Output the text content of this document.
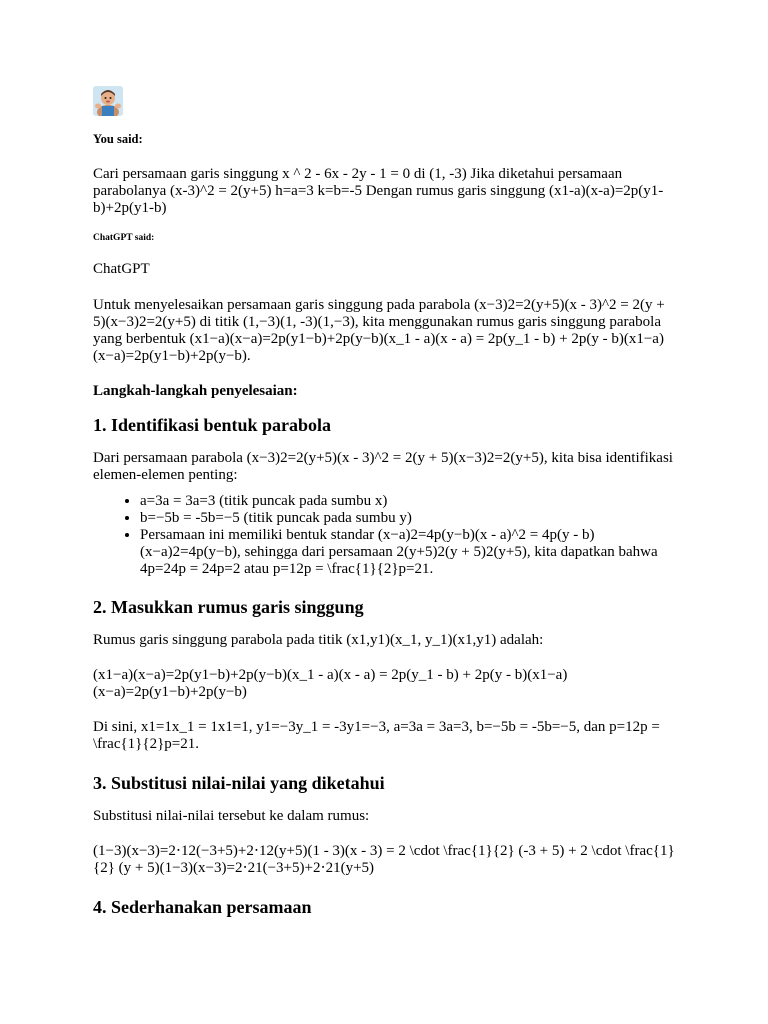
You said:

Cari persamaan garis singgung x ^ 2 - 6x - 2y - 1 = 0 di (1, -3) Jika diketahui persamaan parabolanya (x-3)^2 = 2(y+5) h=a=3 k=b=-5 Dengan rumus garis singgung (x1-a)(x-a)=2p(y1-b)+2p(y1-b)

ChatGPT said:

ChatGPT

Untuk menyelesaikan persamaan garis singgung pada parabola (x−3)2=2(y+5)(x - 3)^2 = 2(y + 5)(x−3)2=2(y+5) di titik (1,−3)(1, -3)(1,−3), kita menggunakan rumus garis singgung parabola yang berbentuk (x1−a)(x−a)=2p(y1−b)+2p(y−b)(x_1 - a)(x - a) = 2p(y_1 - b) + 2p(y - b)(x1−a)(x−a)=2p(y1−b)+2p(y−b).

Langkah-langkah penyelesaian:

1. Identifikasi bentuk parabola

Dari persamaan parabola (x−3)2=2(y+5)(x - 3)^2 = 2(y + 5)(x−3)2=2(y+5), kita bisa identifikasi elemen-elemen penting:

• a=3a = 3a=3 (titik puncak pada sumbu x)
• b=−5b = -5b=−5 (titik puncak pada sumbu y)
• Persamaan ini memiliki bentuk standar (x−a)2=4p(y−b)(x - a)^2 = 4p(y - b)(x−a)2=4p(y−b), sehingga dari persamaan 2(y+5)2(y + 5)2(y+5), kita dapatkan bahwa 4p=24p = 24p=2 atau p=12p = \frac{1}{2}p=21.
2. Masukkan rumus garis singgung

Rumus garis singgung parabola pada titik (x1,y1)(x_1, y_1)(x1,y1) adalah:

(x1−a)(x−a)=2p(y1−b)+2p(y−b)(x_1 - a)(x - a) = 2p(y_1 - b) + 2p(y - b)(x1−a)(x−a)=2p(y1−b)+2p(y−b)

Di sini, x1=1x_1 = 1x1=1, y1=−3y_1 = -3y1=−3, a=3a = 3a=3, b=−5b = -5b=−5, dan p=12p = \frac{1}{2}p=21.

3. Substitusi nilai-nilai yang diketahui

Substitusi nilai-nilai tersebut ke dalam rumus:

(1−3)(x−3)=2⋅12(−3+5)+2⋅12(y+5)(1 - 3)(x - 3) = 2 \cdot \frac{1}{2} (-3 + 5) + 2 \cdot \frac{1}{2} (y + 5)(1−3)(x−3)=2⋅21(−3+5)+2⋅21(y+5)

4. Sederhanakan persamaan
